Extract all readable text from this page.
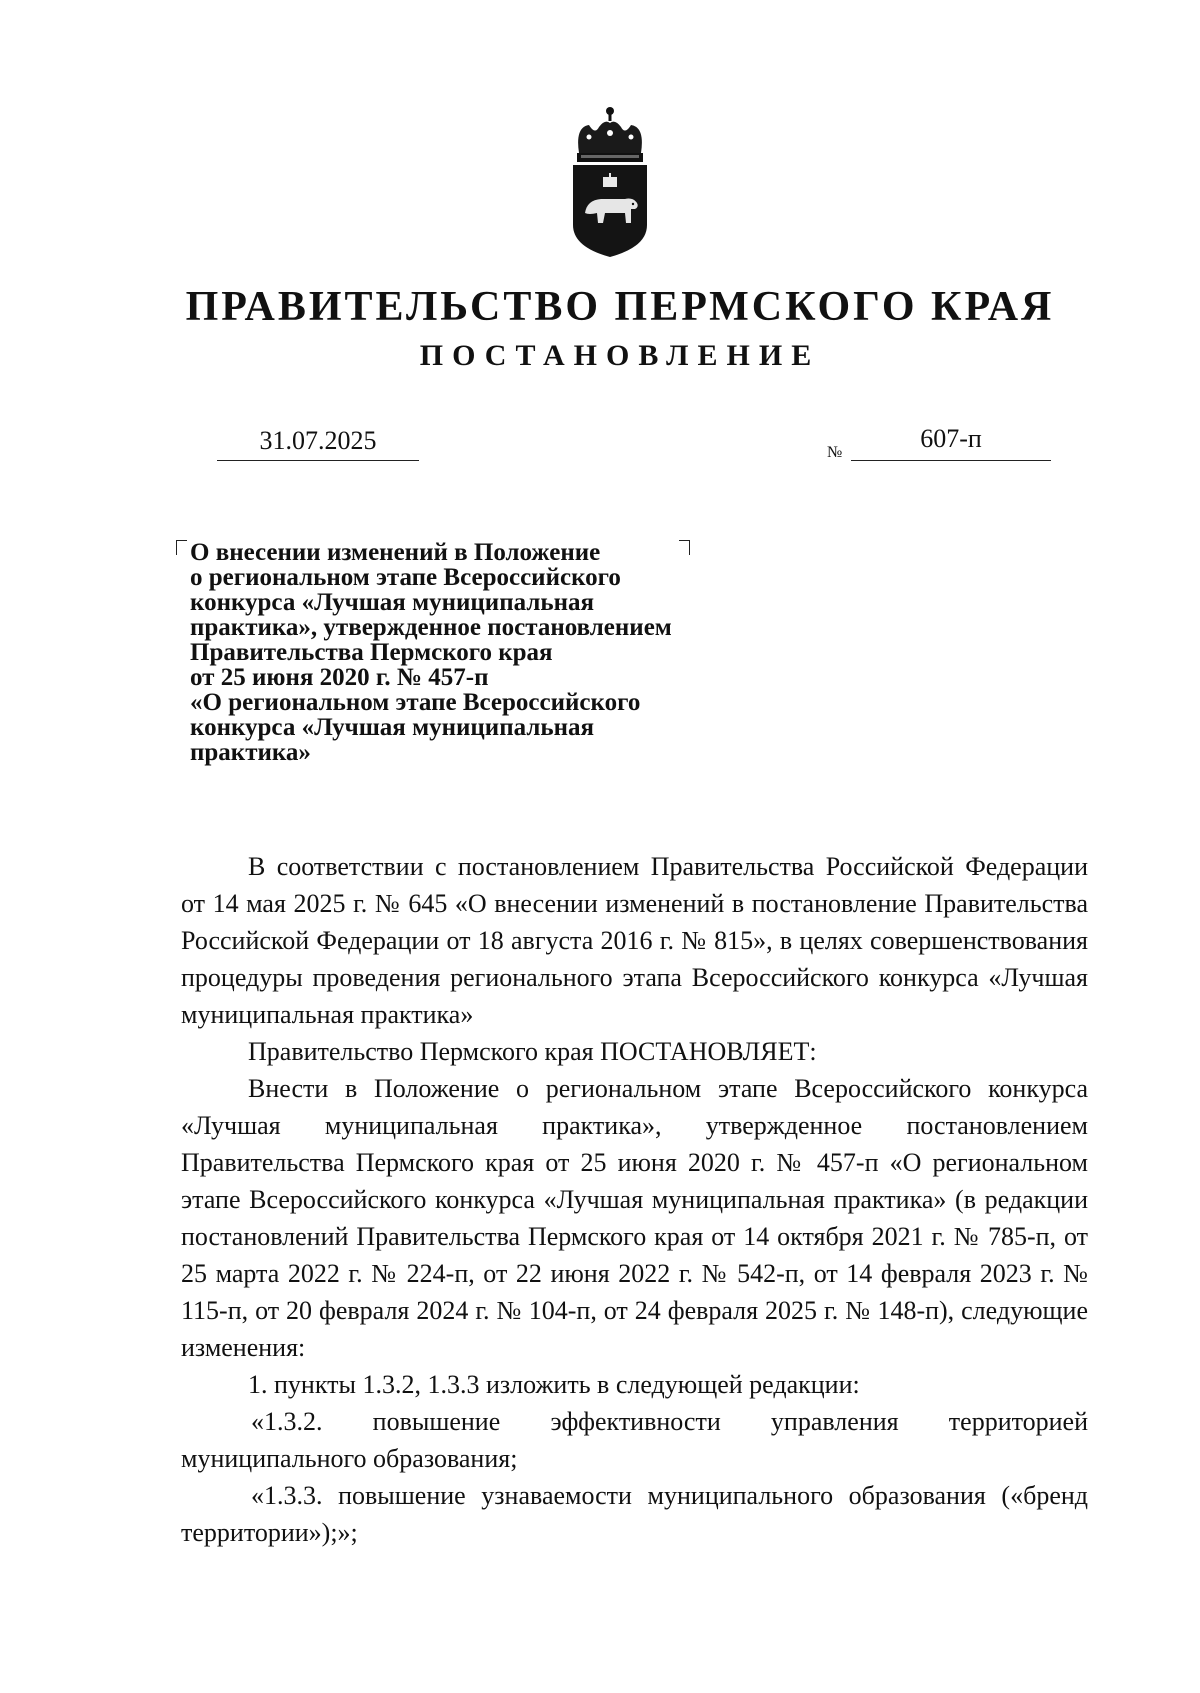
ПРАВИТЕЛЬСТВО ПЕРМСКОГО КРАЯ
ПОСТАНОВЛЕНИЕ
31.07.2025	№	607-п
О внесении изменений в Положение
о региональном этапе Всероссийского
конкурса «Лучшая муниципальная
практика», утвержденное постановлением
Правительства Пермского края
от 25 июня 2020 г. № 457-п
«О региональном этапе Всероссийского
конкурса «Лучшая муниципальная
практика»

В соответствии с постановлением Правительства Российской Федерации от 14 мая 2025 г. № 645 «О внесении изменений в постановление Правительства Российской Федерации от 18 августа 2016 г. № 815», в целях совершенствования процедуры проведения регионального этапа Всероссийского конкурса «Лучшая муниципальная практика»

Правительство Пермского края ПОСТАНОВЛЯЕТ:

Внести в Положение о региональном этапе Всероссийского конкурса «Лучшая муниципальная практика», утвержденное постановлением Правительства Пермского края от 25 июня 2020 г. № 457-п «О региональном этапе Всероссийского конкурса «Лучшая муниципальная практика» (в редакции постановлений Правительства Пермского края от 14 октября 2021 г. № 785-п, от 25 марта 2022 г. № 224-п, от 22 июня 2022 г. № 542-п, от 14 февраля 2023 г. № 115-п, от 20 февраля 2024 г. № 104-п, от 24 февраля 2025 г. № 148-п), следующие изменения:

1. пункты 1.3.2, 1.3.3 изложить в следующей редакции:

«1.3.2. повышение эффективности управления территорией муниципального образования;

«1.3.3. повышение узнаваемости муниципального образования («бренд территории»);»;
